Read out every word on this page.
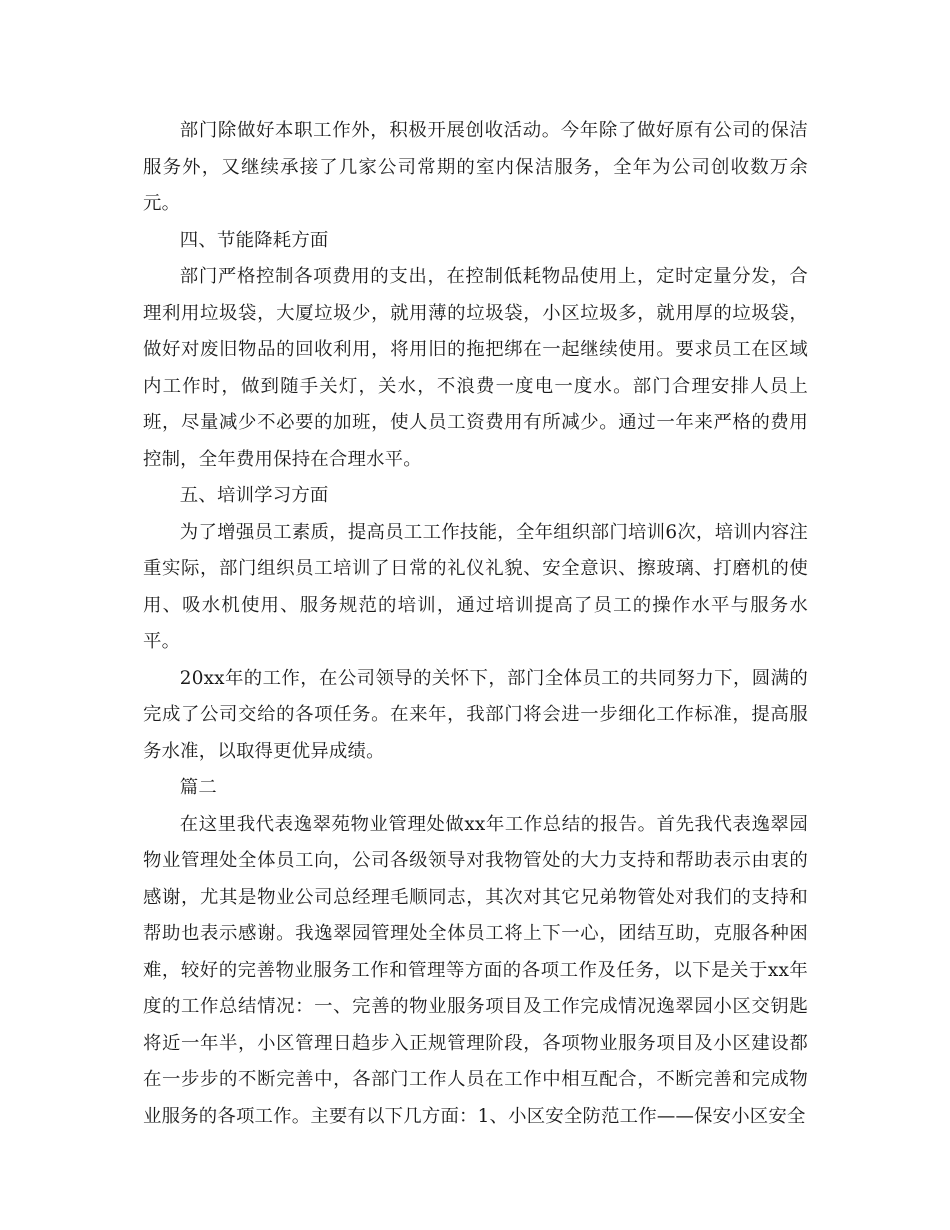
部门除做好本职工作外，积极开展创收活动。今年除了做好原有公司的保洁服务外，又继续承接了几家公司常期的室内保洁服务，全年为公司创收数万余元。

四、节能降耗方面

部门严格控制各项费用的支出，在控制低耗物品使用上，定时定量分发，合理利用垃圾袋，大厦垃圾少，就用薄的垃圾袋，小区垃圾多，就用厚的垃圾袋，做好对废旧物品的回收利用，将用旧的拖把绑在一起继续使用。要求员工在区域内工作时，做到随手关灯，关水，不浪费一度电一度水。部门合理安排人员上班，尽量减少不必要的加班，使人员工资费用有所减少。通过一年来严格的费用控制，全年费用保持在合理水平。

五、培训学习方面

为了增强员工素质，提高员工工作技能，全年组织部门培训6次，培训内容注重实际，部门组织员工培训了日常的礼仪礼貌、安全意识、擦玻璃、打磨机的使用、吸水机使用、服务规范的培训，通过培训提高了员工的操作水平与服务水平。

20xx年的工作，在公司领导的关怀下，部门全体员工的共同努力下，圆满的完成了公司交给的各项任务。在来年，我部门将会进一步细化工作标准，提高服务水准，以取得更优异成绩。

篇二

在这里我代表逸翠苑物业管理处做xx年工作总结的报告。首先我代表逸翠园物业管理处全体员工向，公司各级领导对我物管处的大力支持和帮助表示由衷的感谢，尤其是物业公司总经理毛顺同志，其次对其它兄弟物管处对我们的支持和帮助也表示感谢。我逸翠园管理处全体员工将上下一心，团结互助，克服各种困难，较好的完善物业服务工作和管理等方面的各项工作及任务，以下是关于xx年度的工作总结情况：一、完善的物业服务项目及工作完成情况逸翠园小区交钥匙将近一年半，小区管理日趋步入正规管理阶段，各项物业服务项目及小区建设都在一步步的不断完善中，各部门工作人员在工作中相互配合，不断完善和完成物业服务的各项工作。主要有以下几方面：1、小区安全防范工作——保安小区安全
